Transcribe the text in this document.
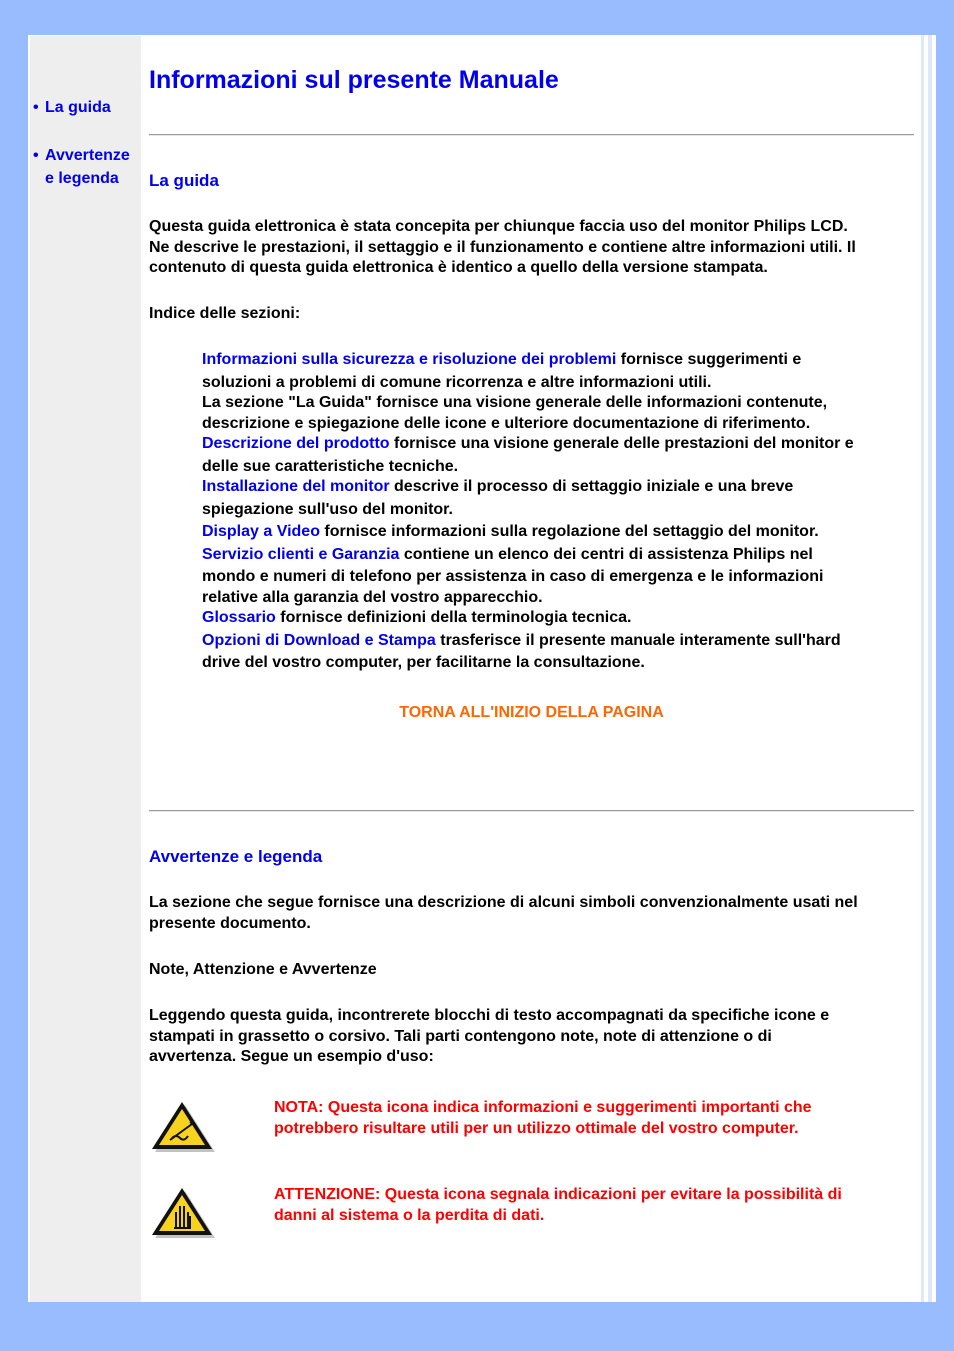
• La guida
• Avvertenze
e legenda
Informazioni sul presente Manuale
La guida

Questa guida elettronica è stata concepita per chiunque faccia uso del monitor Philips LCD.

Ne descrive le prestazioni, il settaggio e il funzionamento e contiene altre informazioni utili. Il

contenuto di questa guida elettronica è identico a quello della versione stampata.

Indice delle sezioni:

Informazioni sulla sicurezza e risoluzione dei problemi fornisce suggerimenti e

soluzioni a problemi di comune ricorrenza e altre informazioni utili.

La sezione "La Guida" fornisce una visione generale delle informazioni contenute,

descrizione e spiegazione delle icone e ulteriore documentazione di riferimento.

Descrizione del prodotto fornisce una visione generale delle prestazioni del monitor e

delle sue caratteristiche tecniche.

Installazione del monitor descrive il processo di settaggio iniziale e una breve

spiegazione sull'uso del monitor.

Display a Video fornisce informazioni sulla regolazione del settaggio del monitor.

Servizio clienti e Garanzia contiene un elenco dei centri di assistenza Philips nel

mondo e numeri di telefono per assistenza in caso di emergenza e le informazioni

relative alla garanzia del vostro apparecchio.

Glossario fornisce definizioni della terminologia tecnica.

Opzioni di Download e Stampa trasferisce il presente manuale interamente sull'hard

drive del vostro computer, per facilitarne la consultazione.

TORNA ALL'INIZIO DELLA PAGINA
Avvertenze e legenda

La sezione che segue fornisce una descrizione di alcuni simboli convenzionalmente usati nel

presente documento.

Note, Attenzione e Avvertenze

Leggendo questa guida, incontrerete blocchi di testo accompagnati da specifiche icone e

stampati in grassetto o corsivo. Tali parti contengono note, note di attenzione o di

avvertenza. Segue un esempio d'uso:

NOTA: Questa icona indica informazioni e suggerimenti importanti che

potrebbero risultare utili per un utilizzo ottimale del vostro computer.

ATTENZIONE: Questa icona segnala indicazioni per evitare la possibilità di

danni al sistema o la perdita di dati.
